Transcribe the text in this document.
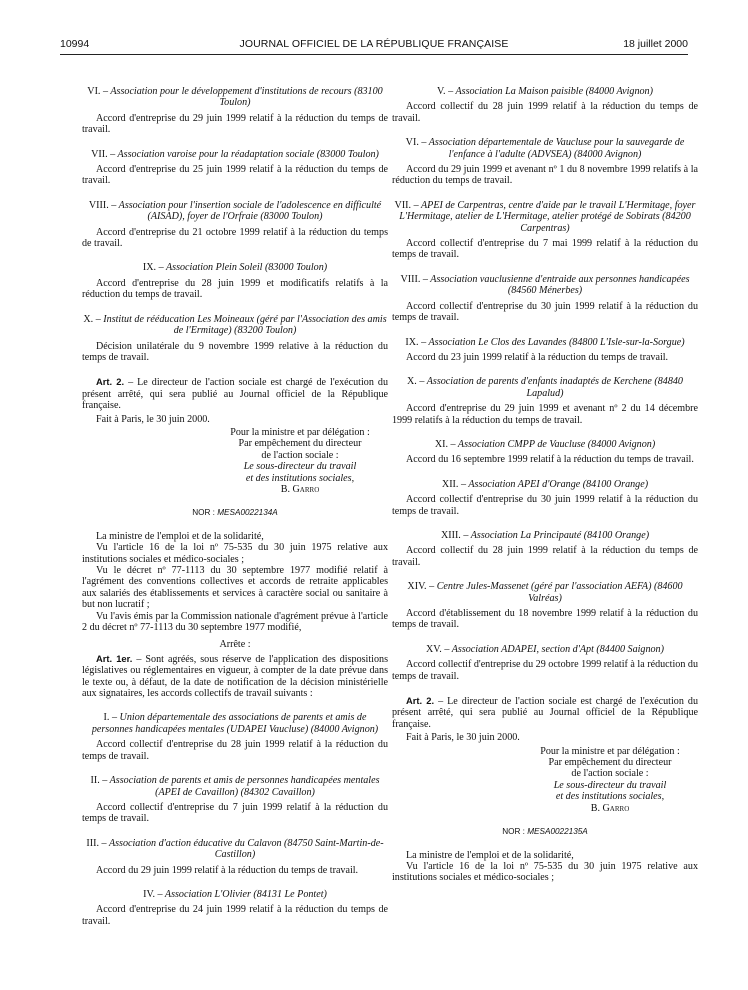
10994	JOURNAL OFFICIEL DE LA RÉPUBLIQUE FRANÇAISE	18 juillet 2000
VI. – Association pour le développement d'institutions de recours (83100 Toulon)

Accord d'entreprise du 29 juin 1999 relatif à la réduction du temps de travail.

VII. – Association varoise pour la réadaptation sociale (83000 Toulon)

Accord d'entreprise du 25 juin 1999 relatif à la réduction du temps de travail.

VIII. – Association pour l'insertion sociale de l'adolescence en difficulté (AISAD), foyer de l'Orfraie (83000 Toulon)

Accord d'entreprise du 21 octobre 1999 relatif à la réduction du temps de travail.

IX. – Association Plein Soleil (83000 Toulon)

Accord d'entreprise du 28 juin 1999 et modificatifs relatifs à la réduction du temps de travail.

X. – Institut de rééducation Les Moineaux (géré par l'Association des amis de l'Ermitage) (83200 Toulon)

Décision unilatérale du 9 novembre 1999 relative à la réduction du temps de travail.

Art. 2. – Le directeur de l'action sociale est chargé de l'exécution du présent arrêté, qui sera publié au Journal officiel de la République française.

Fait à Paris, le 30 juin 2000.

Pour la ministre et par délégation :
Par empêchement du directeur
de l'action sociale :
Le sous-directeur du travail
et des institutions sociales,
B. Garro
NOR : MESA0022134A

La ministre de l'emploi et de la solidarité,

Vu l'article 16 de la loi nº 75-535 du 30 juin 1975 relative aux institutions sociales et médico-sociales ;

Vu le décret nº 77-1113 du 30 septembre 1977 modifié relatif à l'agrément des conventions collectives et accords de retraite applicables aux salariés des établissements et services à caractère social ou sanitaire à but non lucratif ;

Vu l'avis émis par la Commission nationale d'agrément prévue à l'article 2 du décret nº 77-1113 du 30 septembre 1977 modifié,

Arrête :

Art. 1er. – Sont agréés, sous réserve de l'application des dispositions législatives ou réglementaires en vigueur, à compter de la date prévue dans le texte ou, à défaut, de la date de notification de la décision ministérielle aux signataires, les accords collectifs de travail suivants :

I. – Union départementale des associations de parents et amis de personnes handicapées mentales (UDAPEI Vaucluse) (84000 Avignon)

Accord collectif d'entreprise du 28 juin 1999 relatif à la réduction du temps de travail.

II. – Association de parents et amis de personnes handicapées mentales (APEI de Cavaillon) (84302 Cavaillon)

Accord collectif d'entreprise du 7 juin 1999 relatif à la réduction du temps de travail.

III. – Association d'action éducative du Calavon (84750 Saint-Martin-de-Castillon)

Accord du 29 juin 1999 relatif à la réduction du temps de travail.

IV. – Association L'Olivier (84131 Le Pontet)

Accord d'entreprise du 24 juin 1999 relatif à la réduction du temps de travail.

V. – Association La Maison paisible (84000 Avignon)

Accord collectif du 28 juin 1999 relatif à la réduction du temps de travail.

VI. – Association départementale de Vaucluse pour la sauvegarde de l'enfance à l'adulte (ADVSEA) (84000 Avignon)

Accord du 29 juin 1999 et avenant nº 1 du 8 novembre 1999 relatifs à la réduction du temps de travail.

VII. – APEI de Carpentras, centre d'aide par le travail L'Hermitage, foyer L'Hermitage, atelier de L'Hermitage, atelier protégé de Sobirats (84200 Carpentras)

Accord collectif d'entreprise du 7 mai 1999 relatif à la réduction du temps de travail.

VIII. – Association vauclusienne d'entraide aux personnes handicapées (84560 Ménerbes)

Accord collectif d'entreprise du 30 juin 1999 relatif à la réduction du temps de travail.

IX. – Association Le Clos des Lavandes (84800 L'Isle-sur-la-Sorgue)

Accord du 23 juin 1999 relatif à la réduction du temps de travail.

X. – Association de parents d'enfants inadaptés de Kerchene (84840 Lapalud)

Accord d'entreprise du 29 juin 1999 et avenant nº 2 du 14 décembre 1999 relatifs à la réduction du temps de travail.

XI. – Association CMPP de Vaucluse (84000 Avignon)

Accord du 16 septembre 1999 relatif à la réduction du temps de travail.

XII. – Association APEI d'Orange (84100 Orange)

Accord collectif d'entreprise du 30 juin 1999 relatif à la réduction du temps de travail.

XIII. – Association La Principauté (84100 Orange)

Accord collectif du 28 juin 1999 relatif à la réduction du temps de travail.

XIV. – Centre Jules-Massenet (géré par l'association AEFA) (84600 Valréas)

Accord d'établissement du 18 novembre 1999 relatif à la réduction du temps de travail.

XV. – Association ADAPEI, section d'Apt (84400 Saignon)

Accord collectif d'entreprise du 29 octobre 1999 relatif à la réduction du temps de travail.

Art. 2. – Le directeur de l'action sociale est chargé de l'exécution du présent arrêté, qui sera publié au Journal officiel de la République française.

Fait à Paris, le 30 juin 2000.

Pour la ministre et par délégation :
Par empêchement du directeur
de l'action sociale :
Le sous-directeur du travail
et des institutions sociales,
B. Garro
NOR : MESA0022135A

La ministre de l'emploi et de la solidarité,

Vu l'article 16 de la loi nº 75-535 du 30 juin 1975 relative aux institutions sociales et médico-sociales ;
